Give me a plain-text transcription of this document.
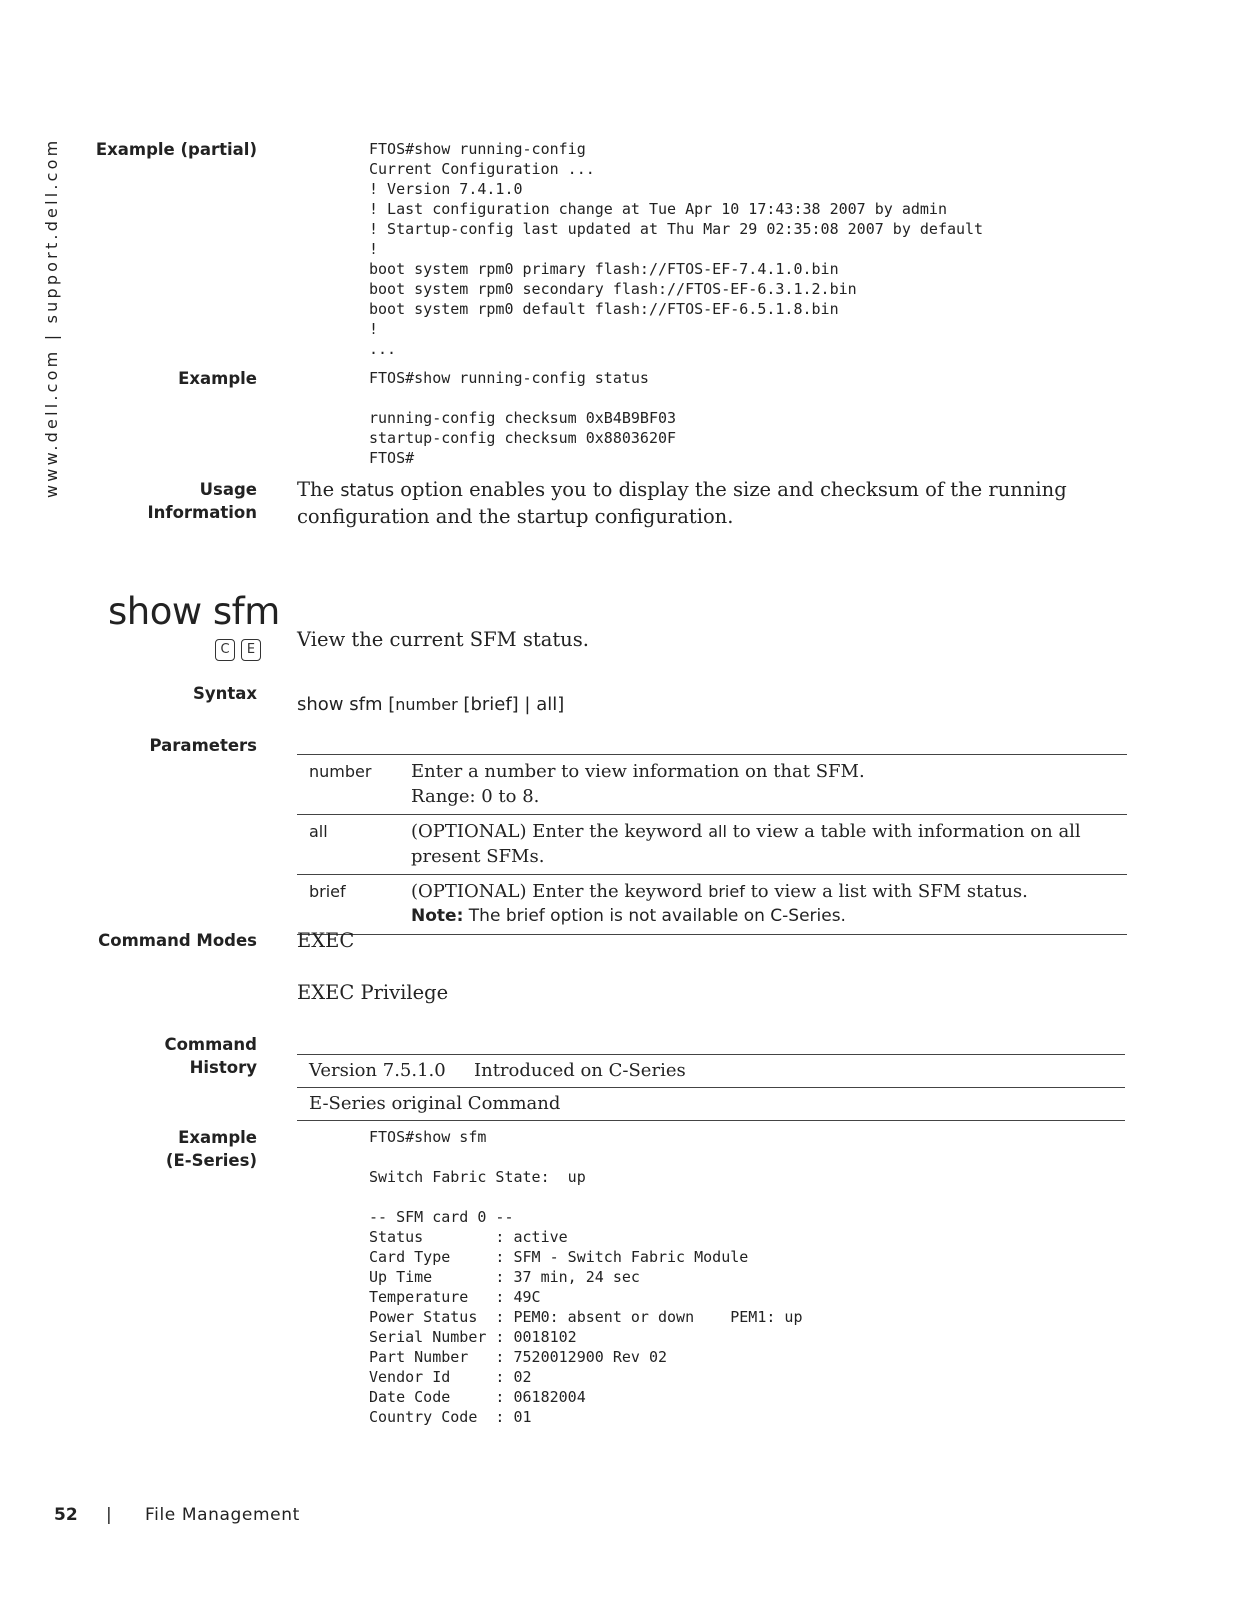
www.dell.com | support.dell.com Example (partial)	FTOS#show running-config
Current Configuration ...
! Version 7.4.1.0
! Last configuration change at Tue Apr 10 17:43:38 2007 by admin
! Startup-config last updated at Thu Mar 29 02:35:08 2007 by default
!
boot system rpm0 primary flash://FTOS-EF-7.4.1.0.bin
boot system rpm0 secondary flash://FTOS-EF-6.3.1.2.bin
boot system rpm0 default flash://FTOS-EF-6.5.1.8.bin
!
...
Example	FTOS#show running-config status

running-config checksum 0xB4B9BF03
startup-config checksum 0x8803620F
FTOS#
Usage
Information
The status option enables you to display the size and checksum of the running configuration and the startup configuration.
show sfm
C	E	View the current SFM status.
Syntax
show sfm [number [brief] | all]
Parameters
number	Enter a number to view information on that SFM.
Range: 0 to 8.
all	(OPTIONAL) Enter the keyword all to view a table with information on all present SFMs.
brief	(OPTIONAL) Enter the keyword brief to view a list with SFM status.
Note: The brief option is not available on C-Series.
Command Modes EXEC
EXEC Privilege
Command
History	Version 7.5.1.0	Introduced on C-Series
E-Series original Command
Example
(E-Series)
FTOS#show sfm

Switch Fabric State:  up

-- SFM card 0 --
Status        : active
Card Type     : SFM - Switch Fabric Module
Up Time       : 37 min, 24 sec
Temperature   : 49C
Power Status  : PEM0: absent or down    PEM1: up
Serial Number : 0018102
Part Number   : 7520012900 Rev 02
Vendor Id     : 02
Date Code     : 06182004
Country Code  : 01
52 | File Management
